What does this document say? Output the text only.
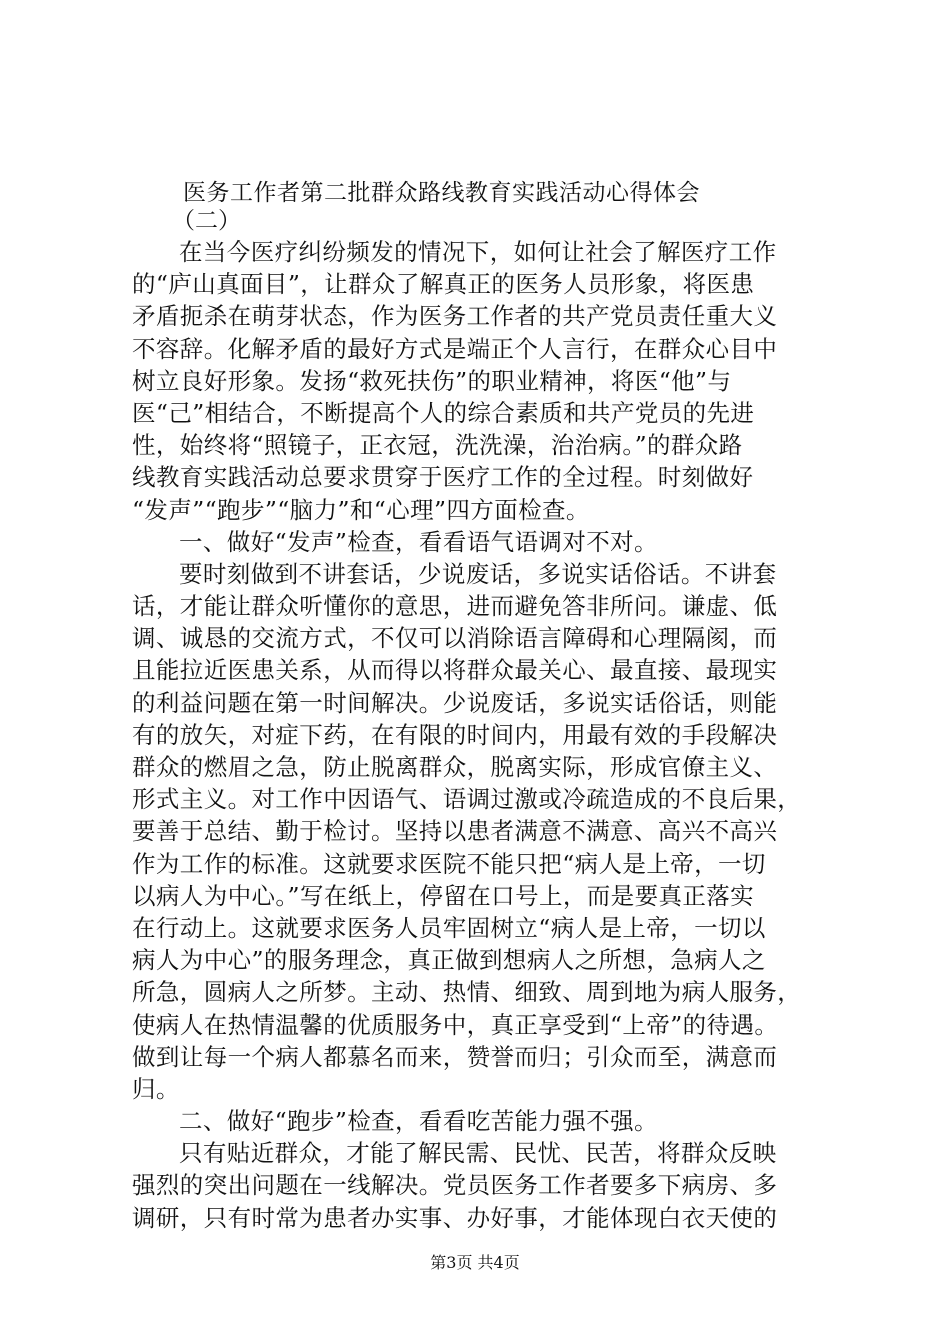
医务工作者第二批群众路线教育实践活动心得体会
（二）
在当今医疗纠纷频发的情况下，如何让社会了解医疗工作
的“庐山真面目”，让群众了解真正的医务人员形象，将医患
矛盾扼杀在萌芽状态，作为医务工作者的共产党员责任重大义
不容辞。化解矛盾的最好方式是端正个人言行，在群众心目中
树立良好形象。发扬“救死扶伤”的职业精神，将医“他”与
医“己”相结合，不断提高个人的综合素质和共产党员的先进
性，始终将“照镜子，正衣冠，洗洗澡，治治病。”的群众路
线教育实践活动总要求贯穿于医疗工作的全过程。时刻做好
“发声”“跑步”“脑力”和“心理”四方面检查。
一、做好“发声”检查，看看语气语调对不对。
要时刻做到不讲套话，少说废话，多说实话俗话。不讲套
话，才能让群众听懂你的意思，进而避免答非所问。谦虚、低
调、诚恳的交流方式，不仅可以消除语言障碍和心理隔阂，而
且能拉近医患关系，从而得以将群众最关心、最直接、最现实
的利益问题在第一时间解决。少说废话，多说实话俗话，则能
有的放矢，对症下药，在有限的时间内，用最有效的手段解决
群众的燃眉之急，防止脱离群众，脱离实际，形成官僚主义、
形式主义。对工作中因语气、语调过激或冷疏造成的不良后果，
要善于总结、勤于检讨。坚持以患者满意不满意、高兴不高兴
作为工作的标准。这就要求医院不能只把“病人是上帝，一切
以病人为中心。”写在纸上，停留在口号上，而是要真正落实
在行动上。这就要求医务人员牢固树立“病人是上帝，一切以
病人为中心”的服务理念，真正做到想病人之所想，急病人之
所急，圆病人之所梦。主动、热情、细致、周到地为病人服务，
使病人在热情温馨的优质服务中，真正享受到“上帝”的待遇。
做到让每一个病人都慕名而来，赞誉而归；引众而至，满意而
归。
二、做好“跑步”检查，看看吃苦能力强不强。
只有贴近群众，才能了解民需、民忧、民苦，将群众反映
强烈的突出问题在一线解决。党员医务工作者要多下病房、多
调研，只有时常为患者办实事、办好事，才能体现白衣天使的
第3页 共4页
